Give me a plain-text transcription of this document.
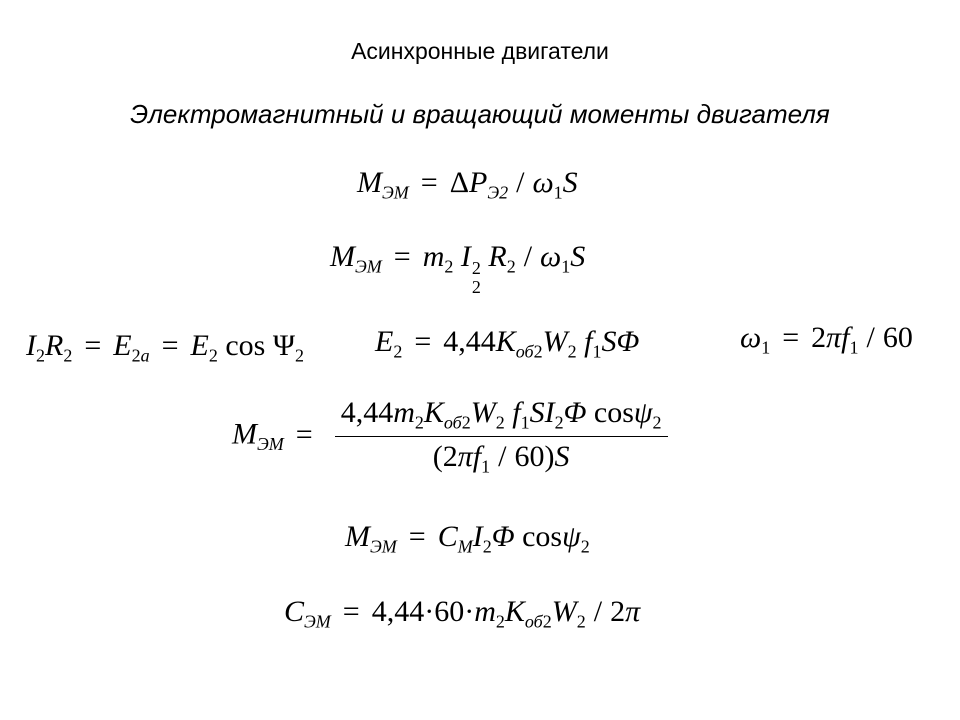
Асинхронные двигатели
Электромагнитный и вращающий моменты двигателя
$M_{ЭМ} = \Delta P_{Э2} / \omega_1S$
$M_{ЭМ} = m_2$ I 2
2
$R_2 / \omega_1S$
$I_2R_2 = E_{2a} = E_2$ $\cos \Psi_2$ $E_2 = 4,44K_{об2}W_2$ $f_1S\Phi$	$\omega_1 = 2\pi f_1 / 60$
$M_{ЭМ} = \frac{4,44m_2K_{об2}W_2 f_1SI_2\Phi \cos\psi_2}{(2\pi f_1 / 60)S}$
$M_{ЭМ} = C_МI_2\Phi$ cosψ$_2$
$C_{ЭМ} = 4,44\cdot 60\cdot m_2K_{об2}W_2 / 2\pi$
